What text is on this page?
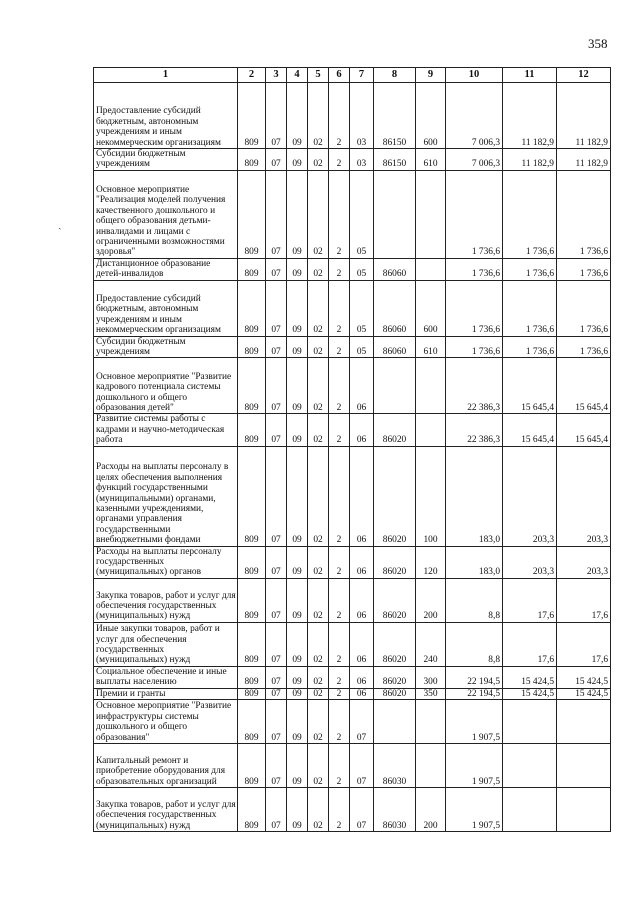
358
ˎ
1	2	3	4	5	6	7	8	9	10	11	12
Предоставление субсидий бюджетным, автономным учреждениям и иным некоммерческим организациям	809	07	09	02	2	03	86150	600	7 006,3	11 182,9	11 182,9
Субсидии бюджетным учреждениям	809	07	09	02	2	03	86150	610	7 006,3	11 182,9	11 182,9
Основное мероприятие "Реализация моделей получения качественного дошкольного и общего образования детьми-инвалидами и лицами с ограниченными возможностями здоровья"	809	07	09	02	2	05			1 736,6	1 736,6	1 736,6
Дистанционное образование детей-инвалидов	809	07	09	02	2	05	86060		1 736,6	1 736,6	1 736,6
Предоставление субсидий бюджетным, автономным учреждениям и иным некоммерческим организациям	809	07	09	02	2	05	86060	600	1 736,6	1 736,6	1 736,6
Субсидии бюджетным учреждениям	809	07	09	02	2	05	86060	610	1 736,6	1 736,6	1 736,6
Основное мероприятие "Развитие кадрового потенциала системы дошкольного и общего образования детей"	809	07	09	02	2	06			22 386,3	15 645,4	15 645,4
Развитие системы работы с кадрами и научно-методическая работа	809	07	09	02	2	06	86020		22 386,3	15 645,4	15 645,4
Расходы на выплаты персоналу в целях обеспечения выполнения функций государственными (муниципальными) органами, казенными учреждениями, органами управления государственными внебюджетными фондами	809	07	09	02	2	06	86020	100	183,0	203,3	203,3
Расходы на выплаты персоналу государственных (муниципальных) органов	809	07	09	02	2	06	86020	120	183,0	203,3	203,3
Закупка товаров, работ и услуг для обеспечения государственных (муниципальных) нужд	809	07	09	02	2	06	86020	200	8,8	17,6	17,6
Иные закупки товаров, работ и услуг для обеспечения государственных (муниципальных) нужд	809	07	09	02	2	06	86020	240	8,8	17,6	17,6
Социальное обеспечение и иные выплаты населению	809	07	09	02	2	06	86020	300	22 194,5	15 424,5	15 424,5
Премии и гранты	809	07	09	02	2	06	86020	350	22 194,5	15 424,5	15 424,5
Основное мероприятие "Развитие инфраструктуры системы дошкольного и общего образования"	809	07	09	02	2	07			1 907,5		
Капитальный ремонт и приобретение оборудования для образовательных организаций	809	07	09	02	2	07	86030		1 907,5		
Закупка товаров, работ и услуг для обеспечения государственных (муниципальных) нужд	809	07	09	02	2	07	86030	200	1 907,5		
